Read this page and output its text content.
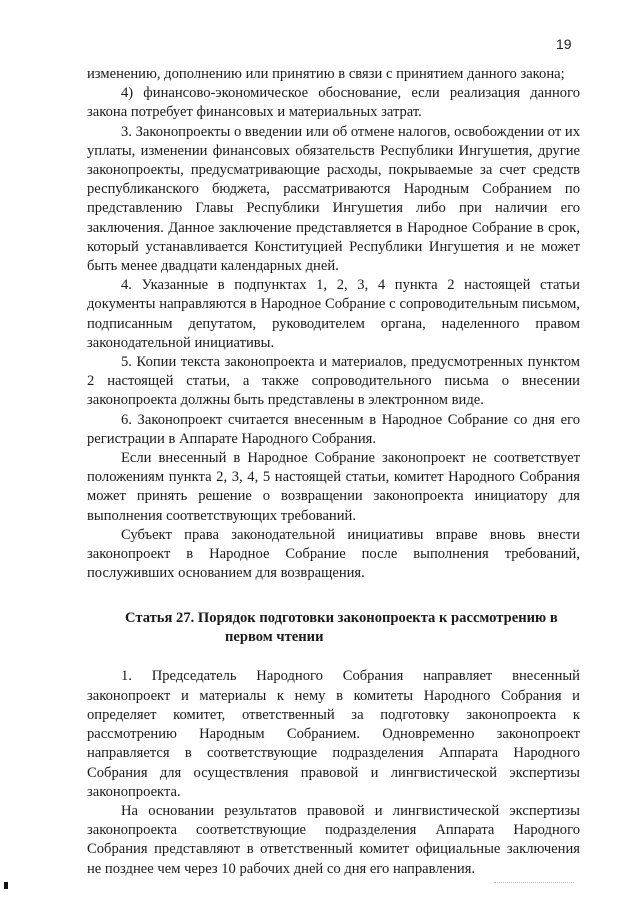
19

изменению, дополнению или принятию в связи с принятием данного закона;

4) финансово-экономическое обоснование, если реализация данного закона потребует финансовых и материальных затрат.

3. Законопроекты о введении или об отмене налогов, освобождении от их уплаты, изменении финансовых обязательств Республики Ингушетия, другие законопроекты, предусматривающие расходы, покрываемые за счет средств республиканского бюджета, рассматриваются Народным Собранием по представлению Главы Республики Ингушетия либо при наличии его заключения. Данное заключение представляется в Народное Собрание в срок, который устанавливается Конституцией Республики Ингушетия и не может быть менее двадцати календарных дней.

4. Указанные в подпунктах 1, 2, 3, 4 пункта 2 настоящей статьи документы направляются в Народное Собрание с сопроводительным письмом, подписанным депутатом, руководителем органа, наделенного правом законодательной инициативы.

5. Копии текста законопроекта и материалов, предусмотренных пунктом 2 настоящей статьи, а также сопроводительного письма о внесении законопроекта должны быть представлены в электронном виде.

6. Законопроект считается внесенным в Народное Собрание со дня его регистрации в Аппарате Народного Собрания.

Если внесенный в Народное Собрание законопроект не соответствует положениям пункта 2, 3, 4, 5 настоящей статьи, комитет Народного Собрания может принять решение о возвращении законопроекта инициатору для выполнения соответствующих требований.

Субъект права законодательной инициативы вправе вновь внести законопроект в Народное Собрание после выполнения требований, послуживших основанием для возвращения.

Статья 27. Порядок подготовки законопроекта к рассмотрению в
первом чтении

1. Председатель Народного Собрания направляет внесенный законопроект и материалы к нему в комитеты Народного Собрания и определяет комитет, ответственный за подготовку законопроекта к рассмотрению Народным Собранием. Одновременно законопроект направляется в соответствующие подразделения Аппарата Народного Собрания для осуществления правовой и лингвистической экспертизы законопроекта.

На основании результатов правовой и лингвистической экспертизы законопроекта соответствующие подразделения Аппарата Народного Собрания представляют в ответственный комитет официальные заключения не позднее чем через 10 рабочих дней со дня его направления.
